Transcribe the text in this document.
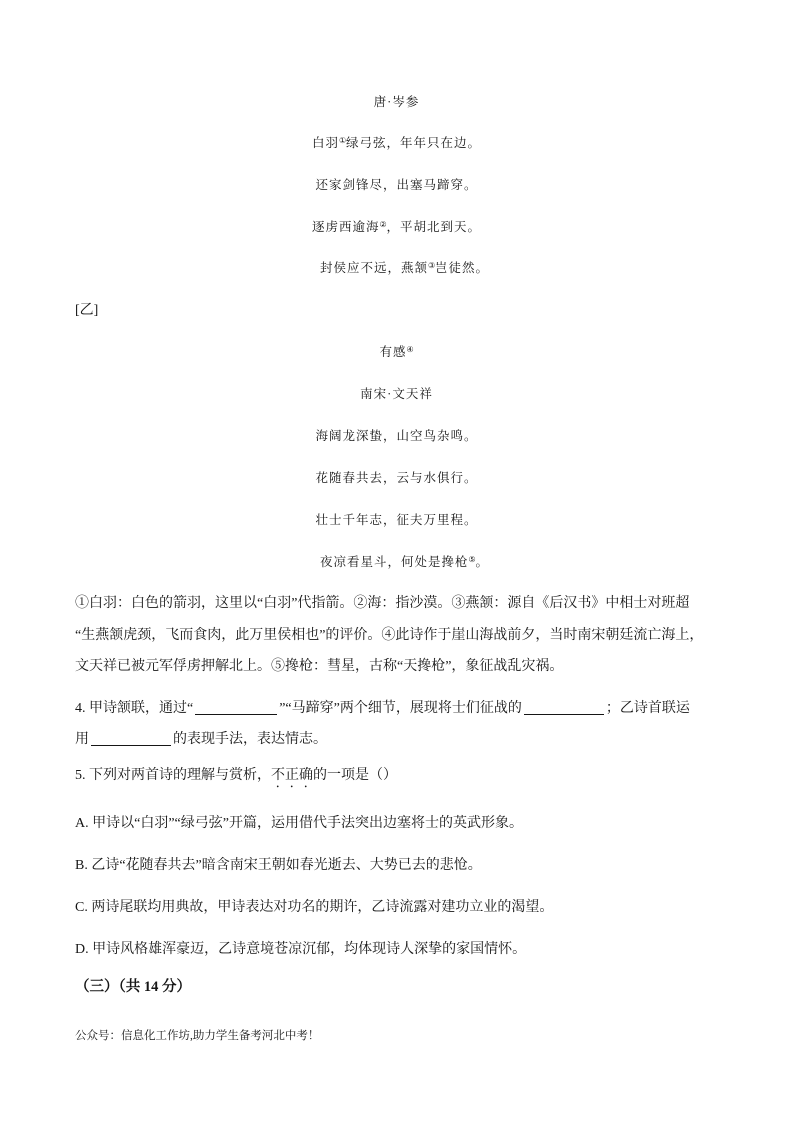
唐·岑参
白羽①绿弓弦，年年只在边。
还家剑锋尽，出塞马蹄穿。
逐虏西逾海②，平胡北到天。
封侯应不远，燕颔③岂徒然。
[乙]
有感④
南宋·文天祥
海阔龙深蛰，山空鸟杂鸣。
花随春共去，云与水俱行。
壮士千年志，征夫万里程。
夜凉看星斗，何处是搀枪⑤。
①白羽：白色的箭羽，这里以“白羽”代指箭。②海：指沙漠。③燕颔：源自《后汉书》中相士对班超
“生燕颔虎颈，飞而食肉，此万里侯相也”的评价。④此诗作于崖山海战前夕，当时南宋朝廷流亡海上，
文天祥已被元军俘虏押解北上。⑤搀枪：彗星，古称“天搀枪”，象征战乱灾祸。
4. 甲诗颔联，通过“	”“马蹄穿”两个细节，展现将士们征战的	；乙诗首联运
用	的表现手法，表达情志。
5. 下列对两首诗的理解与赏析，不正确的一项是（）
A. 甲诗以“白羽”“绿弓弦”开篇，运用借代手法突出边塞将士的英武形象。
B. 乙诗“花随春共去”暗含南宋王朝如春光逝去、大势已去的悲怆。
C. 两诗尾联均用典故，甲诗表达对功名的期许，乙诗流露对建功立业的渴望。
D. 甲诗风格雄浑豪迈，乙诗意境苍凉沉郁，均体现诗人深挚的家国情怀。
（三）（共 14 分）
公众号：信息化工作坊,助力学生备考河北中考！
